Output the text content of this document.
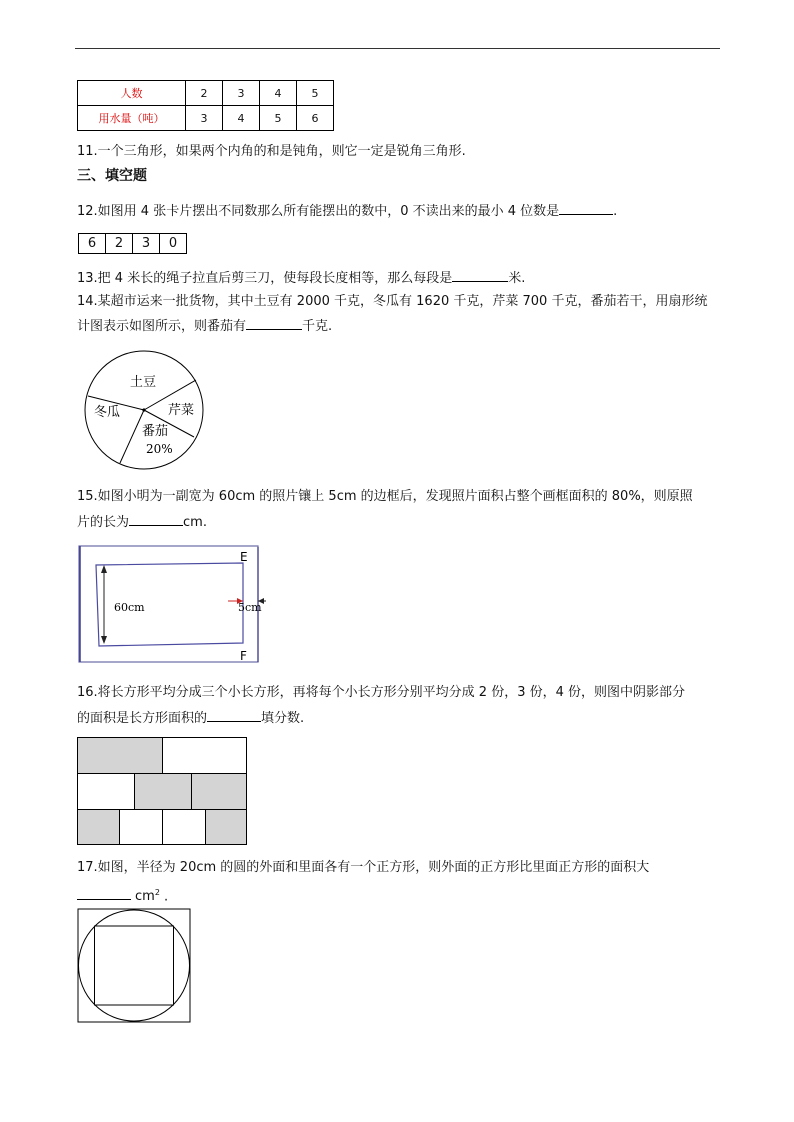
人数	2	3	4	5
用水量（吨）	3	4	5	6
11.一个三角形，如果两个内角的和是钝角，则它一定是锐角三角形.
三、填空题
12.如图用 4 张卡片摆出不同数那么所有能摆出的数中，0 不读出来的最小 4 位数是	.
6	2	3	0
13.把 4 米长的绳子拉直后剪三刀，使每段长度相等，那么每段是	米.
14.某超市运来一批货物，其中土豆有 2000 千克，冬瓜有 1620 千克，芹菜 700 千克，番茄若干，用扇形统
计图表示如图所示，则番茄有	千克.
土豆
冬瓜	芹菜
番茄
20%
15.如图小明为一副宽为 60cm 的照片镶上 5cm 的边框后，发现照片面积占整个画框面积的 80%，则原照
片的长为	cm.
60cm	5cm
E
F
16.将长方形平均分成三个小长方形，再将每个小长方形分别平均分成 2 份，3 份，4 份，则图中阴影部分
的面积是长方形面积的	填分数.
17.如图，半径为 20cm 的圆的外面和里面各有一个正方形，则外面的正方形比里面正方形的面积大
$cm^2$ .
